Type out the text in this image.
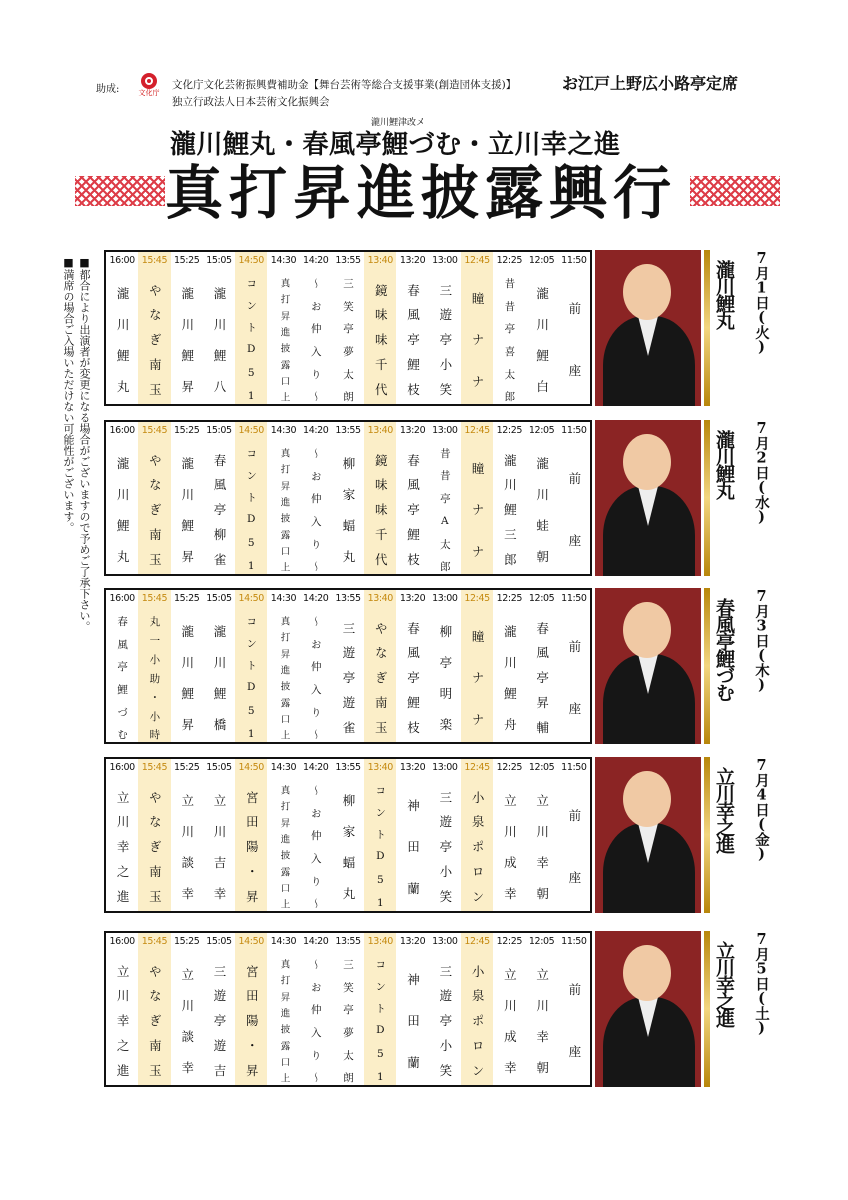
助成:	文化庁
文化庁文化芸術振興費補助金【舞台芸術等総合支援事業(創造団体支援)】
独立行政法人日本芸術文化振興会
お江戸上野広小路亭定席
瀧川鯉津改メ
瀧川鯉丸・春風亭鯉づむ・立川幸之進
真打昇進披露興行
■都合により出演者が変更になる場合がございますので予めご了承下さい。
■満席の場合ご入場いただけない可能性がございます。	11:50
前
座
12:05
瀧
川
鯉
白
12:25
昔
昔
亭
喜
太
郎
12:45
瞳
ナ
ナ
13:00
三
遊
亭
小
笑
13:20
春
風
亭
鯉
枝
13:40
鏡
味
味
千
代
13:55
三
笑
亭
夢
太
朗
14:20
〜
お
仲
入
り
〜
14:30
真
打
昇
進
披
露
口
上
14:50
コ
ン
ト
D
5
1
15:05
瀧
川
鯉
八
15:25
瀧
川
鯉
昇
15:45
や
な
ぎ
南
玉
16:00
瀧
川
鯉
丸
瀧川鯉丸 7月1日(火)
11:50
前
座
12:05
瀧
川
蛙
朝
12:25
瀧
川
鯉
三
郎
12:45
瞳
ナ
ナ
13:00
昔
昔
亭
A
太
郎
13:20
春
風
亭
鯉
枝
13:40
鏡
味
味
千
代
13:55
柳
家
蝠
丸
14:20
〜
お
仲
入
り
〜
14:30
真
打
昇
進
披
露
口
上
14:50
コ
ン
ト
D
5
1
15:05
春
風
亭
柳
雀
15:25
瀧
川
鯉
昇
15:45
や
な
ぎ
南
玉
16:00
瀧
川
鯉
丸
瀧川鯉丸 7月2日(水)
11:50
前
座
12:05
春
風
亭
昇
輔
12:25
瀧
川
鯉
舟
12:45
瞳
ナ
ナ
13:00
柳
亭
明
楽
13:20
春
風
亭
鯉
枝
13:40
や
な
ぎ
南
玉
13:55
三
遊
亭
遊
雀
14:20
〜
お
仲
入
り
〜
14:30
真
打
昇
進
披
露
口
上
14:50
コ
ン
ト
D
5
1
15:05
瀧
川
鯉
橋
15:25
瀧
川
鯉
昇
15:45
丸
一
小
助
・
小
時
16:00
春
風
亭
鯉
づ
む
春風亭鯉づむ 7月3日(木)
11:50
前
座
12:05
立
川
幸
朝
12:25
立
川
成
幸
12:45
小
泉
ポ
ロ
ン
13:00
三
遊
亭
小
笑
13:20
神
田
蘭
13:40
コ
ン
ト
D
5
1
13:55
柳
家
蝠
丸
14:20
〜
お
仲
入
り
〜
14:30
真
打
昇
進
披
露
口
上
14:50
宮
田
陽
・
昇
15:05
立
川
吉
幸
15:25
立
川
談
幸
15:45
や
な
ぎ
南
玉
16:00
立
川
幸
之
進
立川幸之進 7月4日(金)
11:50
前
座
12:05
立
川
幸
朝
12:25
立
川
成
幸
12:45
小
泉
ポ
ロ
ン
13:00
三
遊
亭
小
笑
13:20
神
田
蘭
13:40
コ
ン
ト
D
5
1
13:55
三
笑
亭
夢
太
朗
14:20
〜
お
仲
入
り
〜
14:30
真
打
昇
進
披
露
口
上
14:50
宮
田
陽
・
昇
15:05
三
遊
亭
遊
吉
15:25
立
川
談
幸
15:45
や
な
ぎ
南
玉
16:00
立
川
幸
之
進
立川幸之進 7月5日(土)
